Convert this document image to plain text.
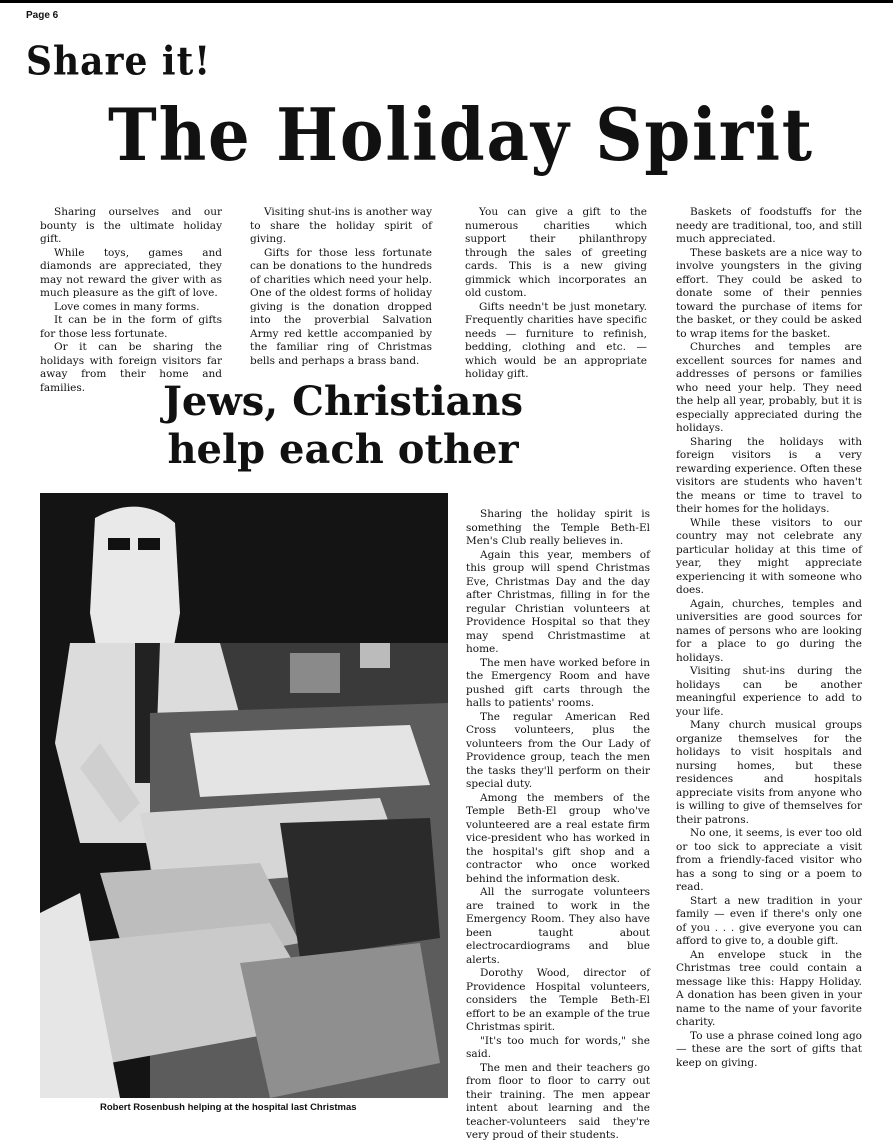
Page 6
Share it!
The Holiday Spirit

Sharing ourselves and our bounty is the ultimate holiday gift.

While toys, games and diamonds are appreciated, they may not reward the giver with as much pleasure as the gift of love.

Love comes in many forms.

It can be in the form of gifts for those less fortunate.

Or it can be sharing the holidays with foreign visitors far away from their home and families.

Visiting shut-ins is another way to share the holiday spirit of giving.

Gifts for those less fortunate can be donations to the hundreds of charities which need your help. One of the oldest forms of holiday giving is the donation dropped into the proverbial Salvation Army red kettle accompanied by the familiar ring of Christmas bells and perhaps a brass band.

You can give a gift to the numerous charities which support their philanthropy through the sales of greeting cards. This is a new giving gimmick which incorporates an old custom.

Gifts needn't be just monetary. Frequently charities have specific needs — furniture to refinish, bedding, clothing and etc. — which would be an appropriate holiday gift.

Baskets of foodstuffs for the needy are traditional, too, and still much appreciated.

These baskets are a nice way to involve youngsters in the giving effort. They could be asked to donate some of their pennies toward the purchase of items for the basket, or they could be asked to wrap items for the basket.

Churches and temples are excellent sources for names and addresses of persons or families who need your help. They need the help all year, probably, but it is especially appreciated during the holidays.

Sharing the holidays with foreign visitors is a very rewarding experience. Often these visitors are students who haven't the means or time to travel to their homes for the holidays.

While these visitors to our country may not celebrate any particular holiday at this time of year, they might appreciate experiencing it with someone who does.

Again, churches, temples and universities are good sources for names of persons who are looking for a place to go during the holidays.

Visiting shut-ins during the holidays can be another meaningful experience to add to your life.

Many church musical groups organize themselves for the holidays to visit hospitals and nursing homes, but these residences and hospitals appreciate visits from anyone who is willing to give of themselves for their patrons.

No one, it seems, is ever too old or too sick to appreciate a visit from a friendly-faced visitor who has a song to sing or a poem to read.

Start a new tradition in your family — even if there's only one of you . . . give everyone you can afford to give to, a double gift.

An envelope stuck in the Christmas tree could contain a message like this: Happy Holiday. A donation has been given in your name to the name of your favorite charity.

To use a phrase coined long ago — these are the sort of gifts that keep on giving.

Jews, Christians
help each other
Robert Rosenbush helping at the hospital last Christmas

Sharing the holiday spirit is something the Temple Beth-El Men's Club really believes in.

Again this year, members of this group will spend Christmas Eve, Christmas Day and the day after Christmas, filling in for the regular Christian volunteers at Providence Hospital so that they may spend Christmastime at home.

The men have worked before in the Emergency Room and have pushed gift carts through the halls to patients' rooms.

The regular American Red Cross volunteers, plus the volunteers from the Our Lady of Providence group, teach the men the tasks they'll perform on their special duty.

Among the members of the Temple Beth-El group who've volunteered are a real estate firm vice-president who has worked in the hospital's gift shop and a contractor who once worked behind the information desk.

All the surrogate volunteers are trained to work in the Emergency Room. They also have been taught about electrocardiograms and blue alerts.

Dorothy Wood, director of Providence Hospital volunteers, considers the Temple Beth-El effort to be an example of the true Christmas spirit.

"It's too much for words," she said.

The men and their teachers go from floor to floor to carry out their training. The men appear intent about learning and the teacher-volunteers said they're very proud of their students.
